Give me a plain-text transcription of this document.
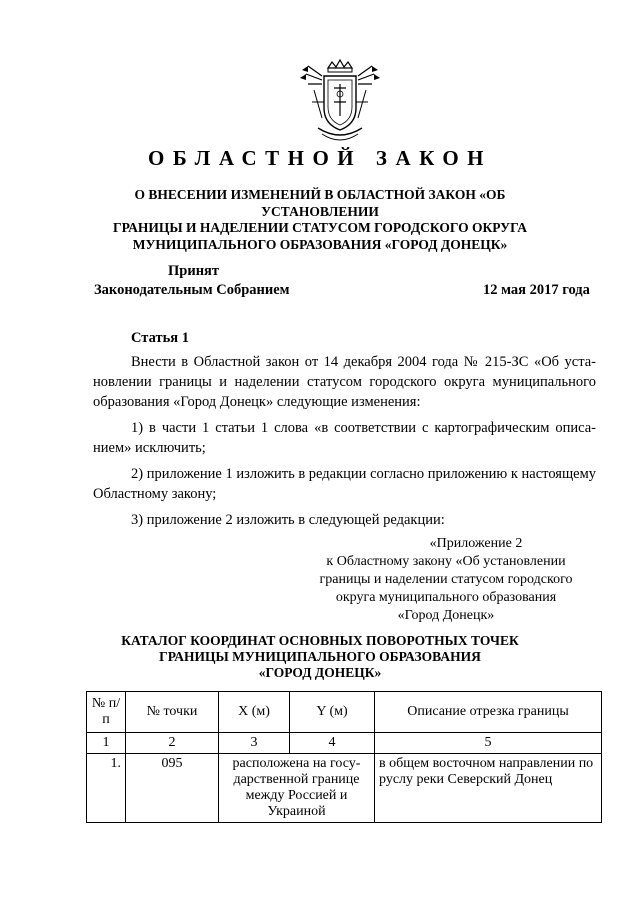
ОБЛАСТНОЙ ЗАКОН
О ВНЕСЕНИИ ИЗМЕНЕНИЙ В ОБЛАСТНОЙ ЗАКОН «ОБ УСТАНОВЛЕНИИ
ГРАНИЦЫ И НАДЕЛЕНИИ СТАТУСОМ ГОРОДСКОГО ОКРУГА
МУНИЦИПАЛЬНОГО ОБРАЗОВАНИЯ «ГОРОД ДОНЕЦК»
Принят
Законодательным Собранием	12 мая 2017 года
Статья 1

Внести в Областной закон от 14 декабря 2004 года № 215-ЗС «Об уста-новлении границы и наделении статусом городского округа муниципального образования «Город Донецк» следующие изменения:

1) в части 1 статьи 1 слова «в соответствии с картографическим описа-нием» исключить;

2) приложение 1 изложить в редакции согласно приложению к настоящему Областному закону;

3) приложение 2 изложить в следующей редакции:

«Приложение 2
к Областному закону «Об установлении
границы и наделении статусом городского
округа муниципального образования
«Город Донецк»
КАТАЛОГ КООРДИНАТ ОСНОВНЫХ ПОВОРОТНЫХ ТОЧЕК
ГРАНИЦЫ МУНИЦИПАЛЬНОГО ОБРАЗОВАНИЯ
«ГОРОД ДОНЕЦК»
№ п/п	№ точки	X (м)	Y (м)	Описание отрезка границы
1	2	3	4	5
1.	095	расположена на госу-дарственной границе между Россией и Украиной		в общем восточном направлении по руслу реки Северский Донец
